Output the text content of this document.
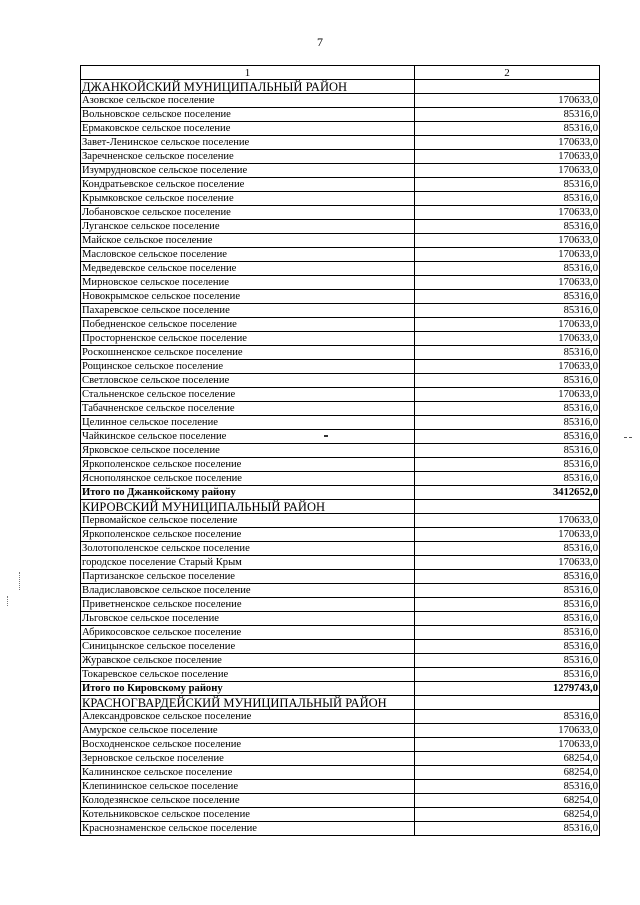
7
1	2
ДЖАНКОЙСКИЙ МУНИЦИПАЛЬНЫЙ РАЙОН	
Азовское сельское поселение	170633,0
Вольновское сельское поселение	85316,0
Ермаковское сельское поселение	85316,0
Завет-Ленинское сельское поселение	170633,0
Заречненское сельское поселение	170633,0
Изумрудновское сельское поселение	170633,0
Кондратьевское сельское поселение	85316,0
Крымковское сельское поселение	85316,0
Лобановское сельское поселение	170633,0
Луганское сельское поселение	85316,0
Майское сельское поселение	170633,0
Масловское сельское поселение	170633,0
Медведевское сельское поселение	85316,0
Мирновское сельское поселение	170633,0
Новокрымское сельское поселение	85316,0
Пахаревское сельское поселение	85316,0
Победненское сельское поселение	170633,0
Просторненское сельское поселение	170633,0
Роскошненское сельское поселение	85316,0
Рощинское сельское поселение	170633,0
Светловское сельское поселение	85316,0
Стальненское сельское поселение	170633,0
Табачненское сельское поселение	85316,0
Целинное сельское поселение	85316,0
Чайкинское сельское поселение	85316,0
Ярковское сельское поселение	85316,0
Яркополенское сельское поселение	85316,0
Яснополянское сельское поселение	85316,0
Итого по Джанкойскому району	3412652,0
КИРОВСКИЙ МУНИЦИПАЛЬНЫЙ РАЙОН	
Первомайское сельское поселение	170633,0
Яркополенское сельское поселение	170633,0
Золотополенское сельское поселение	85316,0
городское поселение Старый Крым	170633,0
Партизанское сельское поселение	85316,0
Владиславовское сельское поселение	85316,0
Приветненское сельское поселение	85316,0
Льговское сельское поселение	85316,0
Абрикосовское сельское поселение	85316,0
Синицынское сельское поселение	85316,0
Журавское сельское поселение	85316,0
Токаревское сельское поселение	85316,0
Итого по Кировскому району	1279743,0
КРАСНОГВАРДЕЙСКИЙ МУНИЦИПАЛЬНЫЙ РАЙОН	
Александровское сельское поселение	85316,0
Амурское сельское поселение	170633,0
Восходненское сельское поселение	170633,0
Зерновское сельское поселение	68254,0
Калининское сельское поселение	68254,0
Клепининское сельское поселение	85316,0
Колодезянское сельское поселение	68254,0
Котельниковское сельское поселение	68254,0
Краснознаменское сельское поселение	85316,0
